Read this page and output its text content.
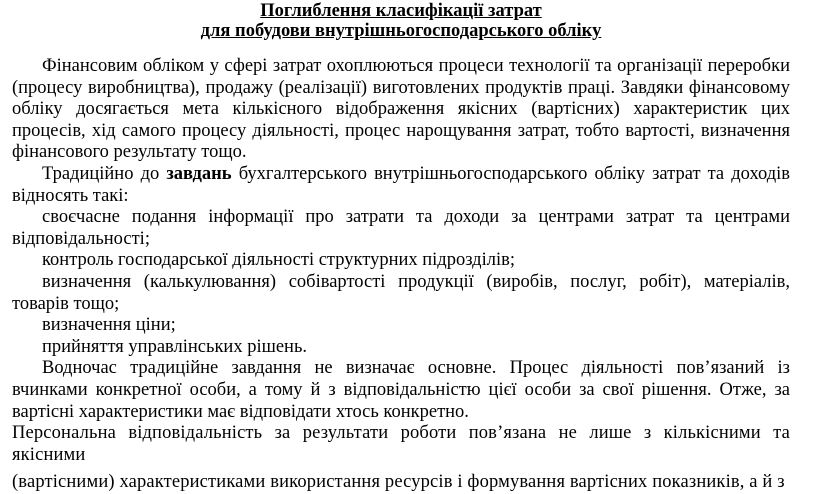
Поглиблення класифікації затрат
для побудови внутрішньогосподарського обліку

Фінансовим обліком у сфері затрат охоплюються процеси технології та організації переробки (процесу виробництва), продажу (реалізації) виготовлених продуктів праці. Завдяки фінансовому обліку досягається мета кількісного відображення якісних (вартісних) характеристик цих процесів, хід самого процесу діяльності, процес нарощування затрат, тобто вартості, визначення фінансового результату тощо.

Традиційно до завдань бухгалтерського внутрішньогосподарського обліку затрат та доходів відносять такі:

своєчасне подання інформації про затрати та доходи за центрами затрат та центрами відповідальності;

контроль господарської діяльності структурних підрозділів;

визначення (калькулювання) собівартості продукції (виробів, послуг, робіт), матеріалів, товарів тощо;

визначення ціни;

прийняття управлінських рішень.

Водночас традиційне завдання не визначає основне. Процес діяльності пов’язаний із вчинками конкретної особи, а тому й з відповідальністю цієї особи за свої рішення. Отже, за вартісні характеристики має відповідати хтось конкретно.

Персональна відповідальність за результати роботи пов’язана не лише з кількісними та якісними

(вартісними) характеристиками використання ресурсів і формування вартісних показників, а й з
